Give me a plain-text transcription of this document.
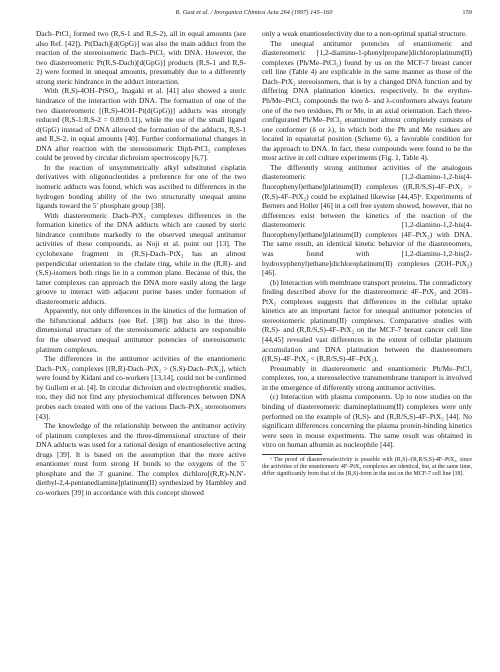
R. Gust et al. / Inorganica Chimica Acta 264 (1997) 145–160	159

Dach–PtCl₂ formed two (R,S-1 and R,S-2), all in equal amounts (see also Ref. [42]). Pt(Dach)[d(GpG)] was also the main adduct from the reaction of the stereoisomeric Dach–PtCl₂ with DNA. However, the two diastereomeric Pt(R,S-Dach)[d(GpG)] products (R,S-1 and R,S-2) were formed in unequal amounts, presumably due to a differently strong steric hindrance in the adduct interaction.

With (R,S)-4OH–PtSO₄, Inagaki et al. [41] also showed a steric hindrance of the interaction with DNA. The formation of one of the two diastereomeric [(R,S)-4OH–Pt(d(GpG))] adducts was strongly reduced (R,S-1:R,S-2 = 0.89:0.11), while the use of the small ligand d(GpG) instead of DNA allowed the formation of the adducts, R,S-1 and R,S-2, in equal amounts [40]. Further conformational changes in DNA after reaction with the stereoisomeric Diph-PtCl₂ complexes could be proved by circular dichroism spectroscopy [6,7].

In the reaction of unsymmetrically alkyl substituted cisplatin derivatives with oligonucleotides a preference for one of the two isomeric adducts was found, which was ascribed to differences in the hydrogen bonding ability of the two structurally unequal amine ligands toward the 5′ phosphate group [38].

With diastereomeric Dach–PtX₂ complexes differences in the formation kinetics of the DNA adducts which are caused by steric hindrance contribute markedly to the observed unequal antitumor activities of these compounds, as Noji et al. point out [13]. The cyclohexane fragment in (R,S)-Dach–PtX₂ has an almost perpendicular orientation to the chelate ring, while in the (R,R)- and (S,S)-isomers both rings lie in a common plane. Because of this, the latter complexes can approach the DNA more easily along the large groove to interact with adjacent purine bases under formation of diastereomeric adducts.

Apparently, not only differences in the kinetics of the formation of the bifunctional adducts (see Ref. [38]) but also in the three-dimensional structure of the stereoisomeric adducts are responsible for the observed unequal antitumor potencies of stereoisomeric platinum complexes.

The differences in the antitumor activities of the enantiomeric Dach–PtX₂ complexes [(R,R)-Dach–PtX₂ > (S,S)-Dach–PtX₂], which were found by Kidani and co-workers [13,14], could not be confirmed by Gullotti et al. [4]. In circular dichroism and electrophoretic studies, too, they did not find any physiochemical differences between DNA probes each treated with one of the various Dach–PtX₂ stereoisomers [43].

The knowledge of the relationship between the antitumor activity of platinum complexes and the three-dimensional structure of their DNA adducts was used for a rational design of enantioselective acting drugs [39]. It is based on the assumption that the more active enantiomer must form strong H bonds to the oxygens of the 5′ phosphate and the 3′ guanine. The complex dichloro[(R,R)-N,N′-diethyl-2,4-pentanediamine]platinum(II) synthesized by Hambley and co-workers [39] in accordance with this concept showed

only a weak enantioselectivity due to a non-optimal spatial structure.

The unequal antitumor potencies of enantiomeric and diastereomeric [1,2-diamino-1-phenylpropane]dichloroplatinum(II) complexes (Ph/Me–PtCl₂) found by us on the MCF-7 breast cancer cell line (Table 4) are explicable in the same manner as those of the Dach–PtX₂ stereoisomers, that is by a changed DNA function and by differing DNA platination kinetics, respectively. In the erythro-Ph/Me–PtCl₂ compounds the two δ- and λ-conformers always feature one of the two residues, Ph or Me, in an axial orientation. Each threo-configurated Ph/Me–PtCl₂ enantiomer almost completely consists of one conformer (δ or λ), in which both the Ph and Me residues are located in equatorial position (Scheme 6), a favorable condition for the approach to DNA. In fact, these compounds were found to be the most active in cell culture experiments (Fig. 1, Table 4).

The differently strong antitumor activities of the analogous diastereomeric [1,2-diamino-1,2-bis(4-fluorophenyl)ethane]platinum(II) complexes ((R,R/S,S)-4F–PtX₂ > (R,S)-4F–PtX₂) could be explained likewise [44,45]ᵃ. Experiments of Berners and Holler [46] in a cell free system showed, however, that no differences exist between the kinetics of the reaction of the diastereomeric [1,2-diamino-1,2-bis(4-fluorophenyl)ethane]platinum(II) complexes (4F–PtX₂) with DNA. The same result, an identical kinetic behavior of the diastereomers, was found with [1,2-diamino-1,2-bis(2-hydroxyphenyl)ethane]dichloroplatinum(II) complexes (2OH–PtX₂) [46].

(b) Interaction with membrane transport proteins. The contradictory finding described above for the diastereomeric 4F–PtX₂ and 2OH–PtX₂ complexes suggests that differences in the cellular uptake kinetics are an important factor for unequal antitumor potencies of stereoisomeric platinum(II) complexes. Comparative studies with (R,S)- and (R,R/S,S)-4F–PtX₂ on the MCF-7 breast cancer cell line [44,45] revealed vast differences in the extent of cellular platinum accumulation and DNA platination between the diastereomers ((R,S)-4F–PtX₂ < (R,R/S,S)-4F–PtX₂).

Presumably in diastereomeric and enantiomeric Ph/Me–PtCl₂ complexes, too, a stereoselective transmembrane transport is involved in the emergence of differently strong antitumor activities.

(c) Interaction with plasma components. Up to now studies on the binding of diastereomeric diamineplatinum(II) complexes were only performed on the example of (R,S)- and (R,R/S,S)-4F–PtX₂ [44]. No significant differences concerning the plasma protein-binding kinetics were seen in mouse experiments. The same result was obtained in vitro on human albumin as nucleophile [44].

ᵃ The proof of diastereoselectivity is possible with (R,S)-/(R,R/S,S)-4F–PtX₂, since the activities of the enantiomeric 4F–PtX₂ complexes are identical, but, at the same time, differ significantly from that of the (R,S)-form in the test on the MCF-7 cell line [18].
